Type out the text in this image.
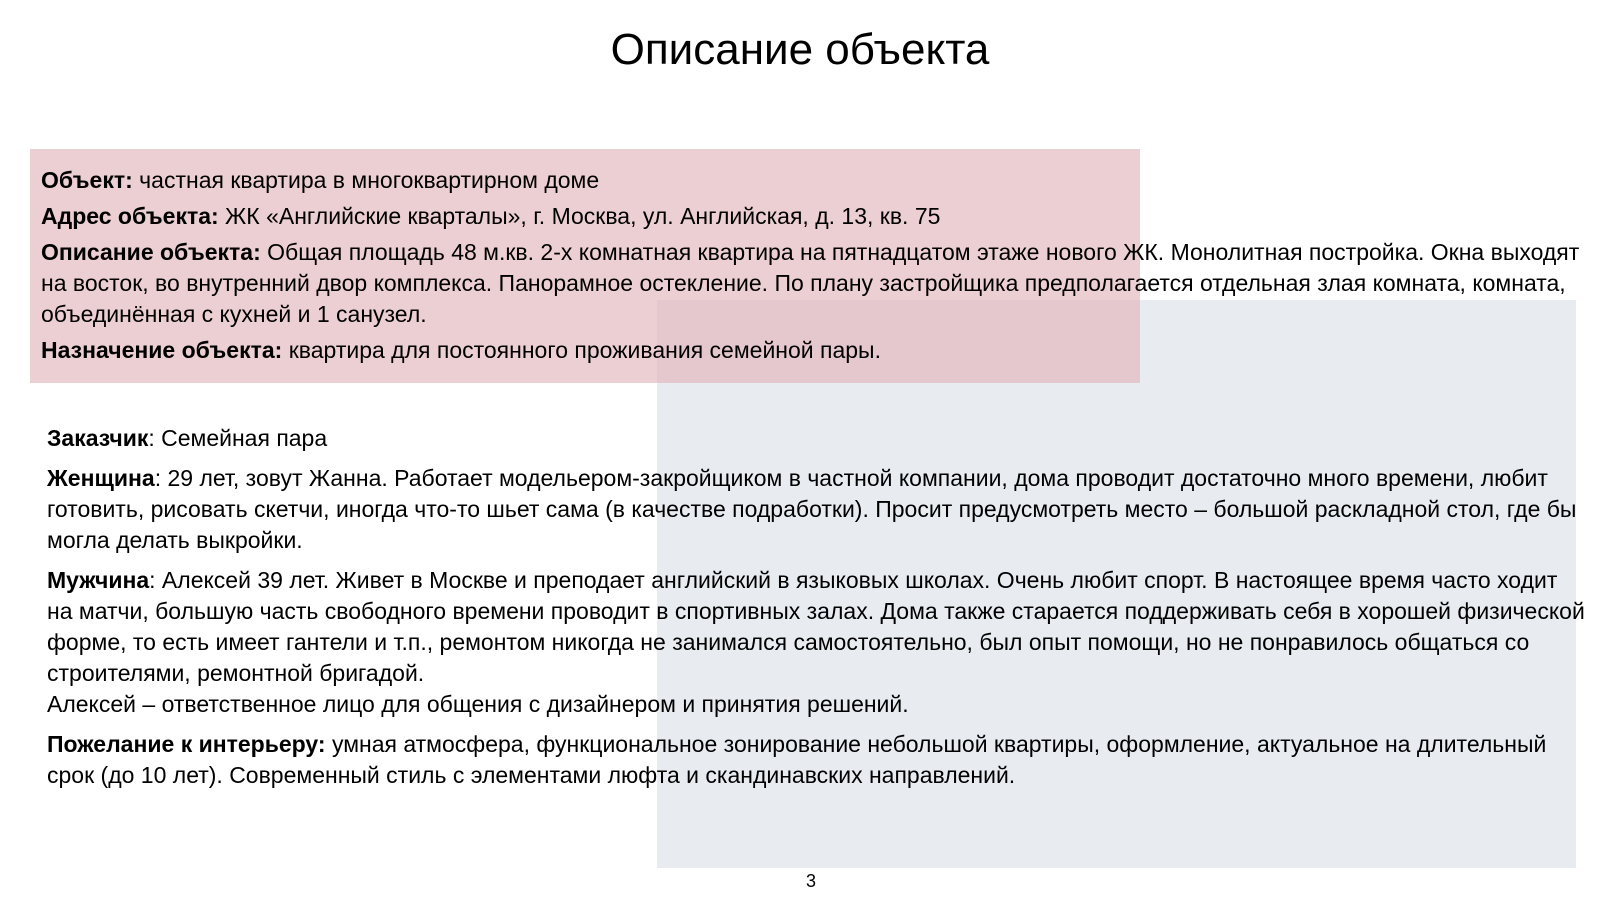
Описание объекта

Объект: частная квартира в многоквартирном доме

Адрес объекта: ЖК «Английские кварталы», г. Москва, ул. Английская, д. 13, кв. 75

Описание объекта: Общая площадь 48 м.кв. 2-х комнатная квартира на пятнадцатом этаже нового ЖК. Монолитная постройка. Окна выходят на восток, во внутренний двор комплекса. Панорамное остекление. По плану застройщика предполагается отдельная злая комната, комната, объединённая с кухней и 1 санузел.

Назначение объекта: квартира для постоянного проживания семейной пары.

Заказчик: Семейная пара

Женщина: 29 лет, зовут Жанна. Работает модельером-закройщиком в частной компании, дома проводит достаточно много времени, любит готовить, рисовать скетчи, иногда что-то шьет сама (в качестве подработки). Просит предусмотреть место – большой раскладной стол, где бы могла делать выкройки.

Мужчина: Алексей 39 лет. Живет в Москве и преподает английский в языковых школах. Очень любит спорт. В настоящее время часто ходит на матчи, большую часть свободного времени проводит в спортивных залах. Дома также старается поддерживать себя в хорошей физической форме, то есть имеет гантели и т.п., ремонтом никогда не занимался самостоятельно, был опыт помощи, но не понравилось общаться со строителями, ремонтной бригадой.
Алексей – ответственное лицо для общения с дизайнером и принятия решений.

Пожелание к интерьеру: умная атмосфера, функциональное зонирование небольшой квартиры, оформление, актуальное на длительный срок (до 10 лет). Современный стиль с элементами люфта и скандинавских направлений.

3
